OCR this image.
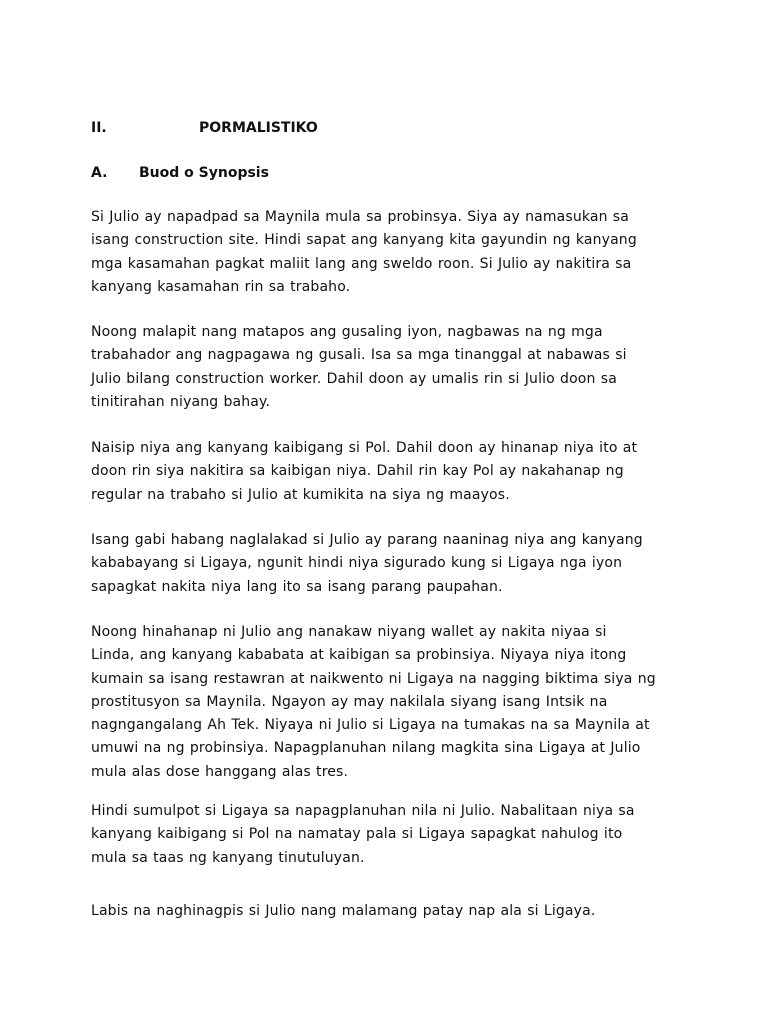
II.	PORMALISTIKO
A. Buod o Synopsis

Si Julio ay napadpad sa Maynila mula sa probinsya. Siya ay namasukan sa
isang construction site. Hindi sapat ang kanyang kita gayundin ng kanyang
mga kasamahan pagkat maliit lang ang sweldo roon. Si Julio ay nakitira sa
kanyang kasamahan rin sa trabaho.

Noong malapit nang matapos ang gusaling iyon, nagbawas na ng mga
trabahador ang nagpagawa ng gusali. Isa sa mga tinanggal at nabawas si
Julio bilang construction worker. Dahil doon ay umalis rin si Julio doon sa
tinitirahan niyang bahay.

Naisip niya ang kanyang kaibigang si Pol. Dahil doon ay hinanap niya ito at
doon rin siya nakitira sa kaibigan niya. Dahil rin kay Pol ay nakahanap ng
regular na trabaho si Julio at kumikita na siya ng maayos.

Isang gabi habang naglalakad si Julio ay parang naaninag niya ang kanyang
kababayang si Ligaya, ngunit hindi niya sigurado kung si Ligaya nga iyon
sapagkat nakita niya lang ito sa isang parang paupahan.

Noong hinahanap ni Julio ang nanakaw niyang wallet ay nakita niyaa si
Linda, ang kanyang kababata at kaibigan sa probinsiya. Niyaya niya itong
kumain sa isang restawran at naikwento ni Ligaya na nagging biktima siya ng
prostitusyon sa Maynila. Ngayon ay may nakilala siyang isang Intsik na
nagngangalang Ah Tek. Niyaya ni Julio si Ligaya na tumakas na sa Maynila at
umuwi na ng probinsiya. Napagplanuhan nilang magkita sina Ligaya at Julio
mula alas dose hanggang alas tres.

Hindi sumulpot si Ligaya sa napagplanuhan nila ni Julio. Nabalitaan niya sa
kanyang kaibigang si Pol na namatay pala si Ligaya sapagkat nahulog ito
mula sa taas ng kanyang tinutuluyan.

Labis na naghinagpis si Julio nang malamang patay nap ala si Ligaya.
